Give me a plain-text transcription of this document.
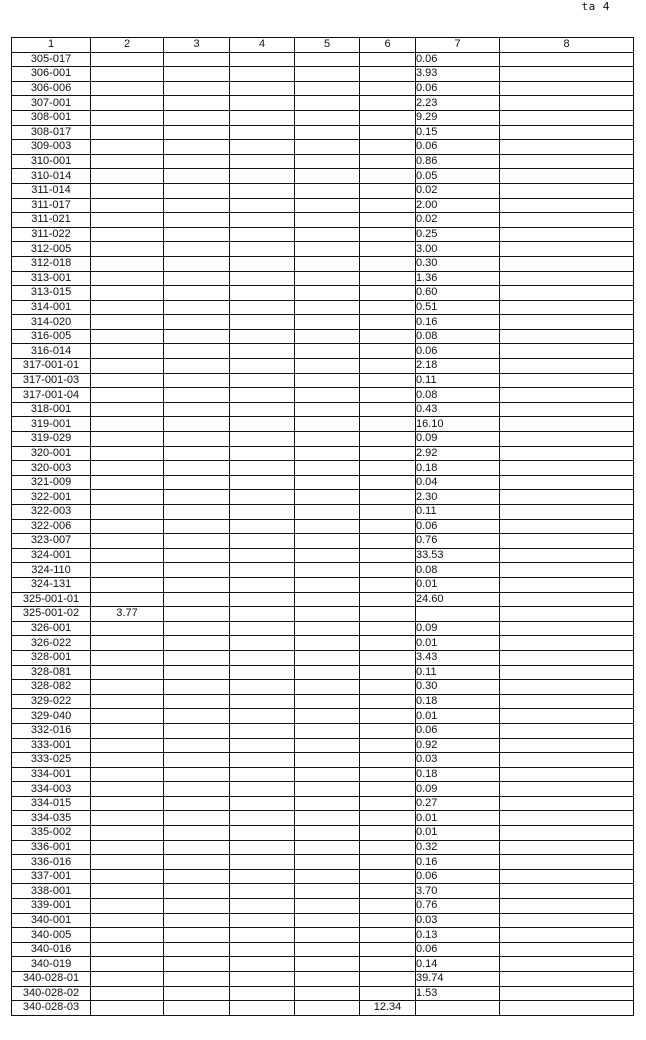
ta 4
1	2	3	4	5	6	7	8
305-017						0.06	
306-001						3.93	
306-006						0.06	
307-001						2.23	
308-001						9.29	
308-017						0.15	
309-003						0.06	
310-001						0.86	
310-014						0.05	
311-014						0.02	
311-017						2.00	
311-021						0.02	
311-022						0.25	
312-005						3.00	
312-018						0.30	
313-001						1.36	
313-015						0.60	
314-001						0.51	
314-020						0.16	
316-005						0.08	
316-014						0.06	
317-001-01						2.18	
317-001-03						0.11	
317-001-04						0.08	
318-001						0.43	
319-001						16.10	
319-029						0.09	
320-001						2.92	
320-003						0.18	
321-009						0.04	
322-001						2.30	
322-003						0.11	
322-006						0.06	
323-007						0.76	
324-001						33.53	
324-110						0.08	
324-131						0.01	
325-001-01						24.60	
325-001-02	3.77						
326-001						0.09	
326-022						0.01	
328-001						3.43	
328-081						0.11	
328-082						0.30	
329-022						0.18	
329-040						0.01	
332-016						0.06	
333-001						0.92	
333-025						0.03	
334-001						0.18	
334-003						0.09	
334-015						0.27	
334-035						0.01	
335-002						0.01	
336-001						0.32	
336-016						0.16	
337-001						0.06	
338-001						3.70	
339-001						0.76	
340-001						0.03	
340-005						0.13	
340-016						0.06	
340-019						0.14	
340-028-01						39.74	
340-028-02						1.53	
340-028-03					12.34		
